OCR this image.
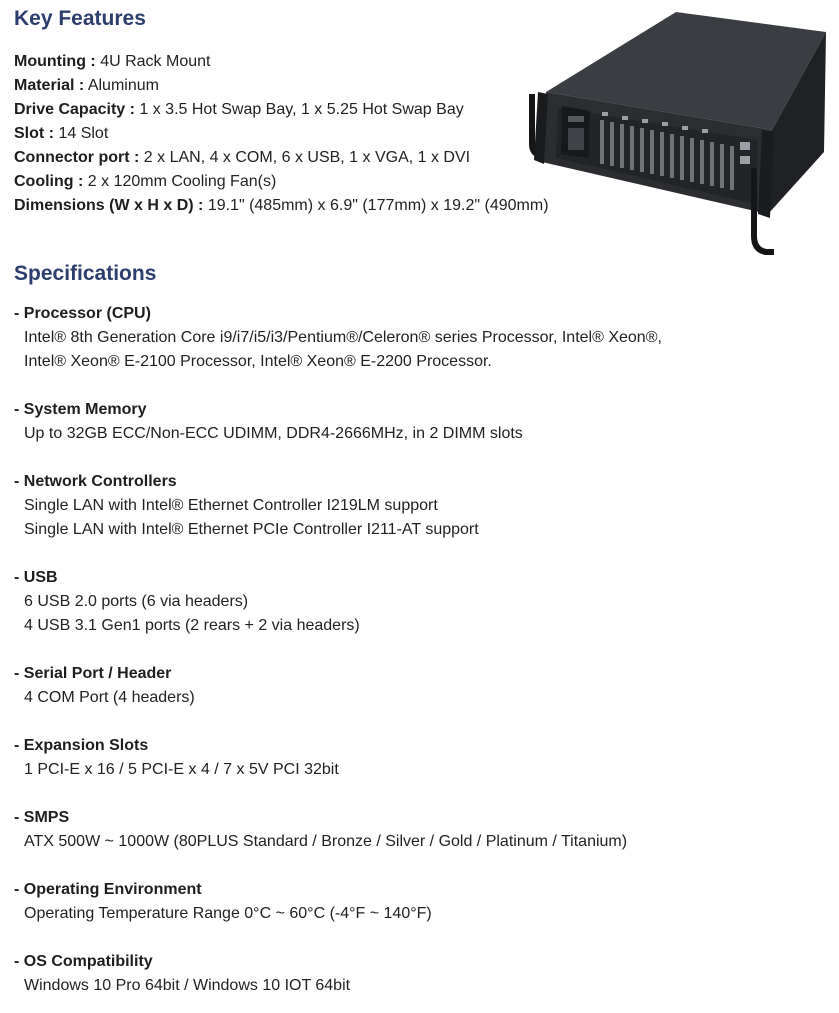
Key Features
Mounting : 4U Rack Mount
Material : Aluminum
Drive Capacity : 1 x 3.5 Hot Swap Bay, 1 x 5.25 Hot Swap Bay
Slot : 14 Slot
Connector port : 2 x LAN, 4 x COM, 6 x USB, 1 x VGA, 1 x DVI
Cooling : 2 x 120mm Cooling Fan(s)
Dimensions (W x H x D) : 19.1" (485mm) x 6.9" (177mm) x 19.2" (490mm)
Specifications
- Processor (CPU)
Intel® 8th Generation Core i9/i7/i5/i3/Pentium®/Celeron® series Processor, Intel® Xeon®,
Intel® Xeon® E-2100 Processor, Intel® Xeon® E-2200 Processor.
- System Memory
Up to 32GB ECC/Non-ECC UDIMM, DDR4-2666MHz, in 2 DIMM slots
- Network Controllers
Single LAN with Intel® Ethernet Controller I219LM support
Single LAN with Intel® Ethernet PCIe Controller I211-AT support
- USB
6 USB 2.0 ports (6 via headers)
4 USB 3.1 Gen1 ports (2 rears + 2 via headers)
- Serial Port / Header
4 COM Port (4 headers)
- Expansion Slots
1 PCI-E x 16 / 5 PCI-E x 4 / 7 x 5V PCI 32bit
- SMPS
ATX 500W ~ 1000W (80PLUS Standard / Bronze / Silver / Gold / Platinum / Titanium)
- Operating Environment
Operating Temperature Range 0°C ~ 60°C (-4°F ~ 140°F)
- OS Compatibility
Windows 10 Pro 64bit / Windows 10 IOT 64bit
